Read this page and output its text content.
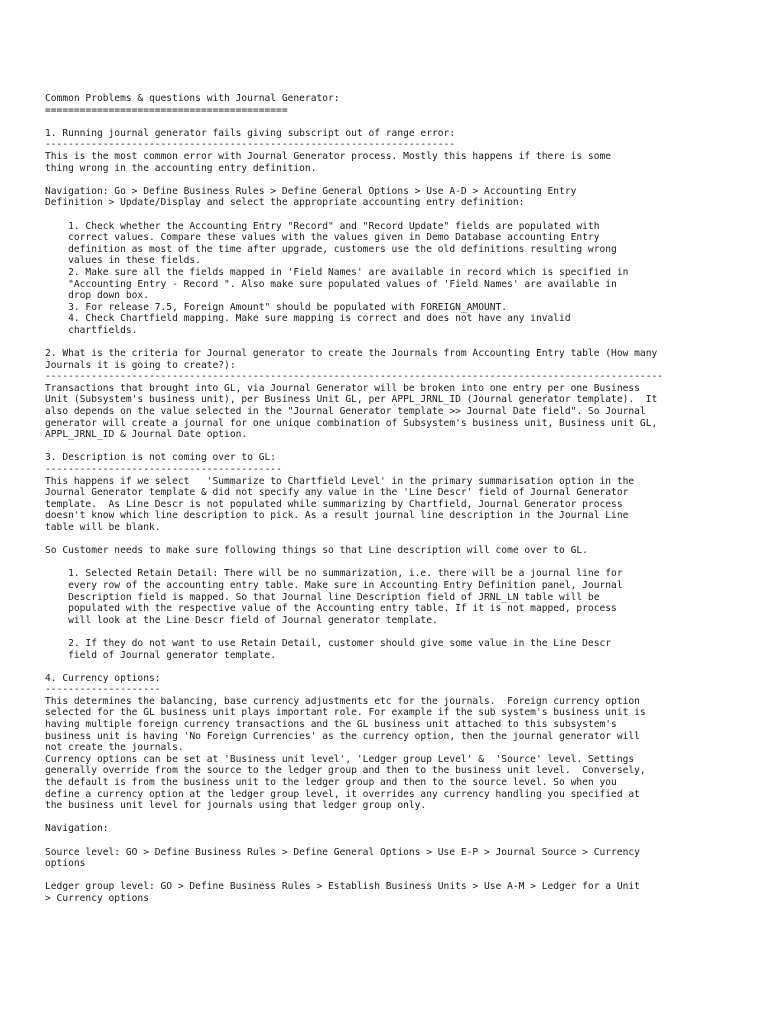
Common Problems & questions with Journal Generator:
==========================================
1. Running journal generator fails giving subscript out of range error:
-----------------------------------------------------------------------
This is the most common error with Journal Generator process. Mostly this happens if there is some
thing wrong in the accounting entry definition.
Navigation: Go > Define Business Rules > Define General Options > Use A-D > Accounting Entry
Definition > Update/Display and select the appropriate accounting entry definition:
1. Check whether the Accounting Entry "Record" and "Record Update" fields are populated with
correct values. Compare these values with the values given in Demo Database accounting Entry
definition as most of the time after upgrade, customers use the old definitions resulting wrong
values in these fields.
2. Make sure all the fields mapped in 'Field Names' are available in record which is specified in
"Accounting Entry - Record ". Also make sure populated values of 'Field Names' are available in
drop down box.
3. For release 7.5, Foreign Amount" should be populated with FOREIGN_AMOUNT.
4. Check Chartfield mapping. Make sure mapping is correct and does not have any invalid
chartfields.
2. What is the criteria for Journal generator to create the Journals from Accounting Entry table (How many
Journals it is going to create?):
-----------------------------------------------------------------------------------------------------------
Transactions that brought into GL, via Journal Generator will be broken into one entry per one Business
Unit (Subsystem's business unit), per Business Unit GL, per APPL_JRNL_ID (Journal generator template).  It
also depends on the value selected in the "Journal Generator template >> Journal Date field". So Journal
generator will create a journal for one unique combination of Subsystem's business unit, Business unit GL,
APPL_JRNL_ID & Journal Date option.
3. Description is not coming over to GL:
-----------------------------------------
This happens if we select   'Summarize to Chartfield Level' in the primary summarisation option in the
Journal Generator template & did not specify any value in the 'Line Descr' field of Journal Generator
template.  As Line Descr is not populated while summarizing by Chartfield, Journal Generator process
doesn't know which line description to pick. As a result journal line description in the Journal Line
table will be blank.
So Customer needs to make sure following things so that Line description will come over to GL.
1. Selected Retain Detail: There will be no summarization, i.e. there will be a journal line for
every row of the accounting entry table. Make sure in Accounting Entry Definition panel, Journal
Description field is mapped. So that Journal line Description field of JRNL_LN table will be
populated with the respective value of the Accounting entry table. If it is not mapped, process
will look at the Line Descr field of Journal generator template.
2. If they do not want to use Retain Detail, customer should give some value in the Line Descr
field of Journal generator template.
4. Currency options:
--------------------
This determines the balancing, base currency adjustments etc for the journals.  Foreign currency option
selected for the GL business unit plays important role. For example if the sub system's business unit is
having multiple foreign currency transactions and the GL business unit attached to this subsystem's
business unit is having 'No Foreign Currencies' as the currency option, then the journal generator will
not create the journals.
Currency options can be set at 'Business unit level', 'Ledger group Level' &  'Source' level. Settings
generally override from the source to the ledger group and then to the business unit level.  Conversely,
the default is from the business unit to the ledger group and then to the source level. So when you
define a currency option at the ledger group level, it overrides any currency handling you specified at
the business unit level for journals using that ledger group only.
Navigation:
Source level: GO > Define Business Rules > Define General Options > Use E-P > Journal Source > Currency
options
Ledger group level: GO > Define Business Rules > Establish Business Units > Use A-M > Ledger for a Unit
> Currency options
